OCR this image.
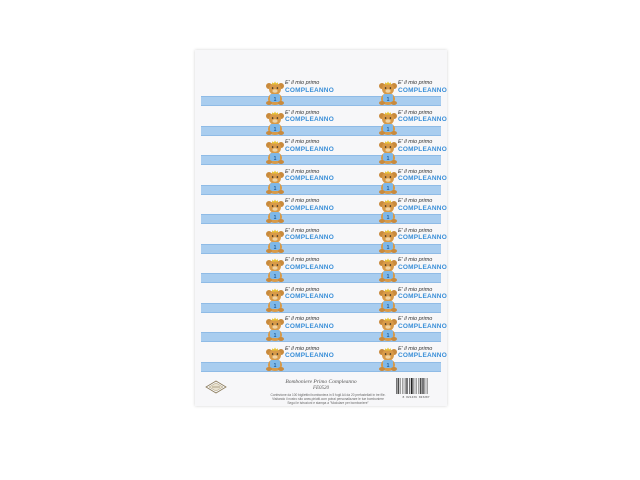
1
E' il mio primo
COMPLEANNO
1
E' il mio primo
COMPLEANNO
1
E' il mio primo
COMPLEANNO
1
E' il mio primo
COMPLEANNO
1
E' il mio primo
COMPLEANNO
1
E' il mio primo
COMPLEANNO
1
E' il mio primo
COMPLEANNO
1
E' il mio primo
COMPLEANNO
1
E' il mio primo
COMPLEANNO
1
E' il mio primo
COMPLEANNO
1
E' il mio primo
COMPLEANNO
1
E' il mio primo
COMPLEANNO
1
E' il mio primo
COMPLEANNO
1
E' il mio primo
COMPLEANNO
1
E' il mio primo
COMPLEANNO
1
E' il mio primo
COMPLEANNO
1
E' il mio primo
COMPLEANNO
1
E' il mio primo
COMPLEANNO
1
E' il mio primo
COMPLEANNO
1
E' il mio primo
COMPLEANNO
Bomboniere Primo Compleanno
FE0520
Confezione da 100 bigliettini bomboniera in 5 fogli A4 da 20 prefustellati in tre file.
Visitando il nostro sito www.piriotti.com potrai personalizzare le tue bomboniere
Segui le istruzioni e stampa a "Modulare per bomboniere"
8 021436 023207
